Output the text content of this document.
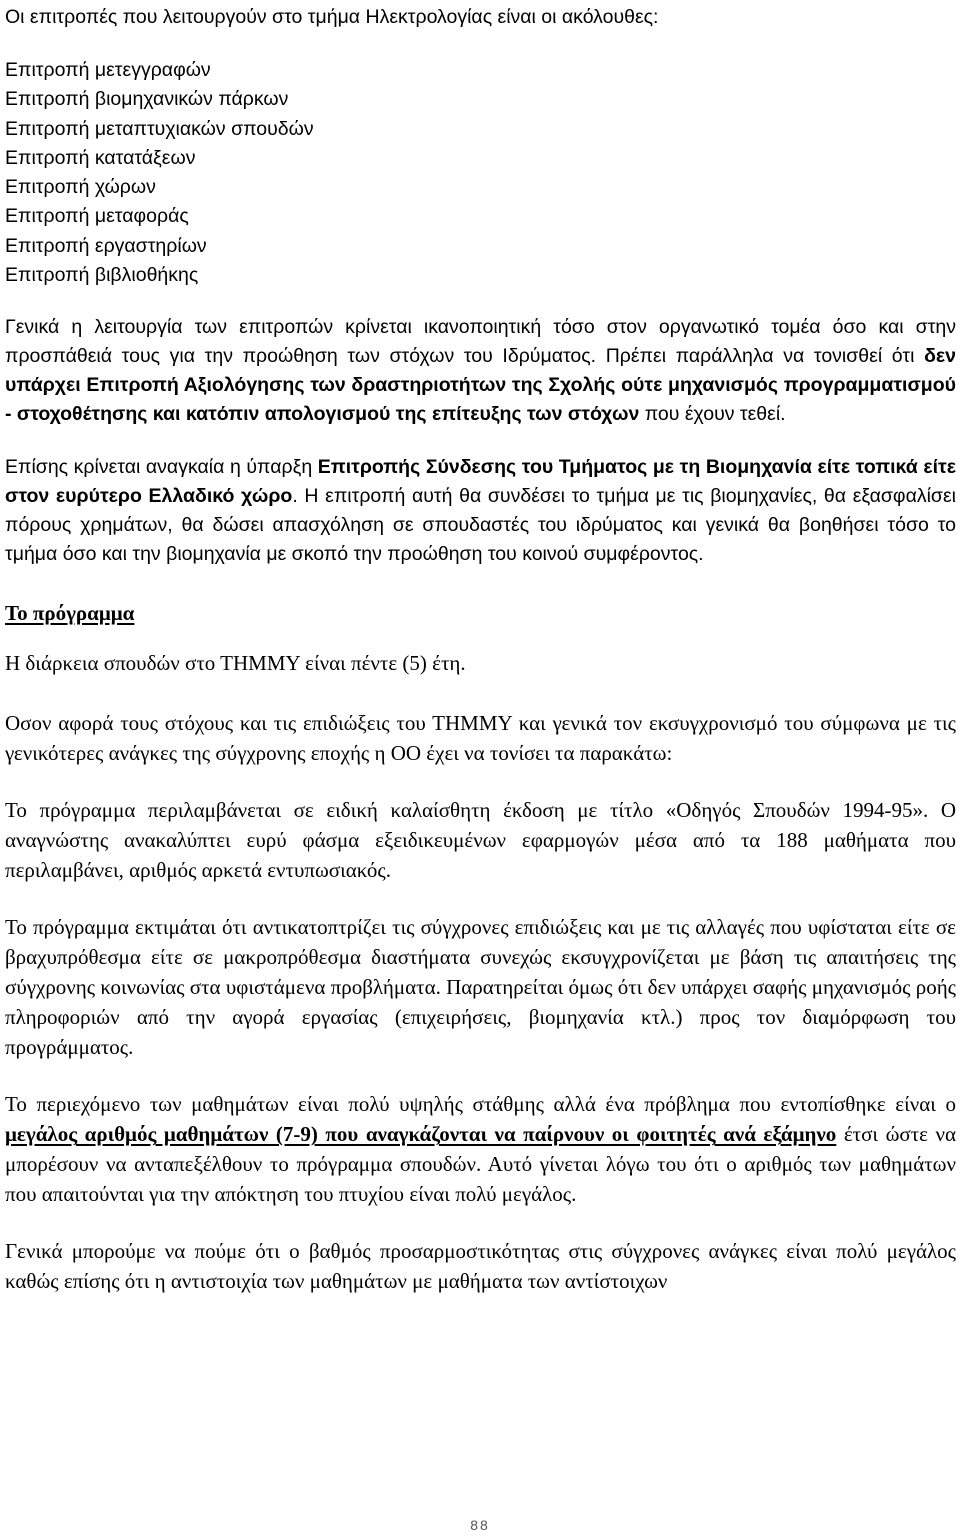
Οι επιτροπές που λειτουργούν στο τμήμα Ηλεκτρολογίας είναι οι ακόλουθες:

Επιτροπή μετεγγραφών
Επιτροπή βιομηχανικών πάρκων
Επιτροπή μεταπτυχιακών σπουδών
Επιτροπή κατατάξεων
Επιτροπή χώρων
Επιτροπή μεταφοράς
Επιτροπή εργαστηρίων
Επιτροπή βιβλιοθήκης

Γενικά η λειτουργία των επιτροπών κρίνεται ικανοποιητική τόσο στον οργανωτικό τομέα όσο και στην προσπάθειά τους για την προώθηση των στόχων του Ιδρύματος. Πρέπει παράλληλα να τονισθεί ότι δεν υπάρχει Επιτροπή Αξιολόγησης των δραστηριοτήτων της Σχολής ούτε μηχανισμός προγραμματισμού - στοχοθέτησης και κατόπιν απολογισμού της επίτευξης των στόχων που έχουν τεθεί.

Επίσης κρίνεται αναγκαία η ύπαρξη Επιτροπής Σύνδεσης του Τμήματος με τη Βιομηχανία είτε τοπικά είτε στον ευρύτερο Ελλαδικό χώρο. Η επιτροπή αυτή θα συνδέσει το τμήμα με τις βιομηχανίες, θα εξασφαλίσει πόρους χρημάτων, θα δώσει απασχόληση σε σπουδαστές του ιδρύματος και γενικά θα βοηθήσει τόσο το τμήμα όσο και την βιομηχανία με σκοπό την προώθηση του κοινού συμφέροντος.

Το πρόγραμμα

Η διάρκεια σπουδών στο ΤΗΜΜΥ είναι πέντε (5) έτη.

Οσον αφορά τους στόχους και τις επιδιώξεις του ΤΗΜΜΥ και γενικά τον εκσυγχρονισμό του σύμφωνα με τις γενικότερες ανάγκες της σύγχρονης εποχής η ΟΟ έχει να τονίσει τα παρακάτω:

Το πρόγραμμα περιλαμβάνεται σε ειδική καλαίσθητη έκδοση με τίτλο «Οδηγός Σπουδών 1994-95». Ο αναγνώστης ανακαλύπτει ευρύ φάσμα εξειδικευμένων εφαρμογών μέσα από τα 188 μαθήματα που περιλαμβάνει, αριθμός αρκετά εντυπωσιακός.

Το πρόγραμμα εκτιμάται ότι αντικατοπτρίζει τις σύγχρονες επιδιώξεις και με τις αλλαγές που υφίσταται είτε σε βραχυπρόθεσμα είτε σε μακροπρόθεσμα διαστήματα συνεχώς εκσυγχρονίζεται με βάση τις απαιτήσεις της σύγχρονης κοινωνίας στα υφιστάμενα προβλήματα. Παρατηρείται όμως ότι δεν υπάρχει σαφής μηχανισμός ροής πληροφοριών από την αγορά εργασίας (επιχειρήσεις, βιομηχανία κτλ.) προς τον διαμόρφωση του προγράμματος.

Το περιεχόμενο των μαθημάτων είναι πολύ υψηλής στάθμης αλλά ένα πρόβλημα που εντοπίσθηκε είναι ο μεγάλος αριθμός μαθημάτων (7-9) που αναγκάζονται να παίρνουν οι φοιτητές ανά εξάμηνο έτσι ώστε να μπορέσουν να ανταπεξέλθουν το πρόγραμμα σπουδών. Αυτό γίνεται λόγω του ότι ο αριθμός των μαθημάτων που απαιτούνται για την απόκτηση του πτυχίου είναι πολύ μεγάλος.

Γενικά μπορούμε να πούμε ότι ο βαθμός προσαρμοστικότητας στις σύγχρονες ανάγκες είναι πολύ μεγάλος καθώς επίσης ότι η αντιστοιχία των μαθημάτων με μαθήματα των αντίστοιχων

88
